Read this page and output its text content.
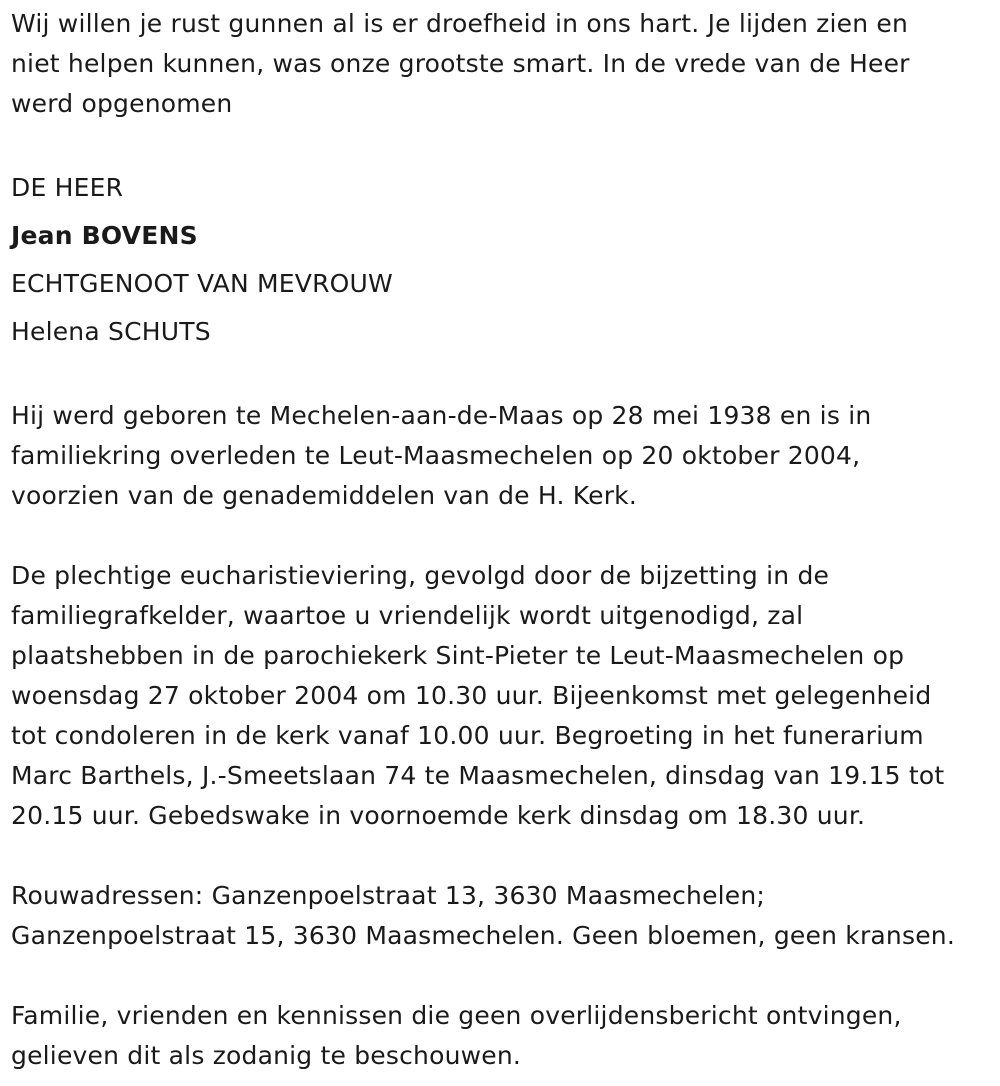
Wij willen je rust gunnen al is er droefheid in ons hart. Je lijden zien en
niet helpen kunnen, was onze grootste smart. In de vrede van de Heer
werd opgenomen
DE HEER
Jean BOVENS
ECHTGENOOT VAN MEVROUW
Helena SCHUTS
Hij werd geboren te Mechelen-aan-de-Maas op 28 mei 1938 en is in
familiekring overleden te Leut-Maasmechelen op 20 oktober 2004,
voorzien van de genademiddelen van de H. Kerk.
De plechtige eucharistieviering, gevolgd door de bijzetting in de
familiegrafkelder, waartoe u vriendelijk wordt uitgenodigd, zal
plaatshebben in de parochiekerk Sint-Pieter te Leut-Maasmechelen op
woensdag 27 oktober 2004 om 10.30 uur. Bijeenkomst met gelegenheid
tot condoleren in de kerk vanaf 10.00 uur. Begroeting in het funerarium
Marc Barthels, J.-Smeetslaan 74 te Maasmechelen, dinsdag van 19.15 tot
20.15 uur. Gebedswake in voornoemde kerk dinsdag om 18.30 uur.
Rouwadressen: Ganzenpoelstraat 13, 3630 Maasmechelen;
Ganzenpoelstraat 15, 3630 Maasmechelen. Geen bloemen, geen kransen.
Familie, vrienden en kennissen die geen overlijdensbericht ontvingen,
gelieven dit als zodanig te beschouwen.
